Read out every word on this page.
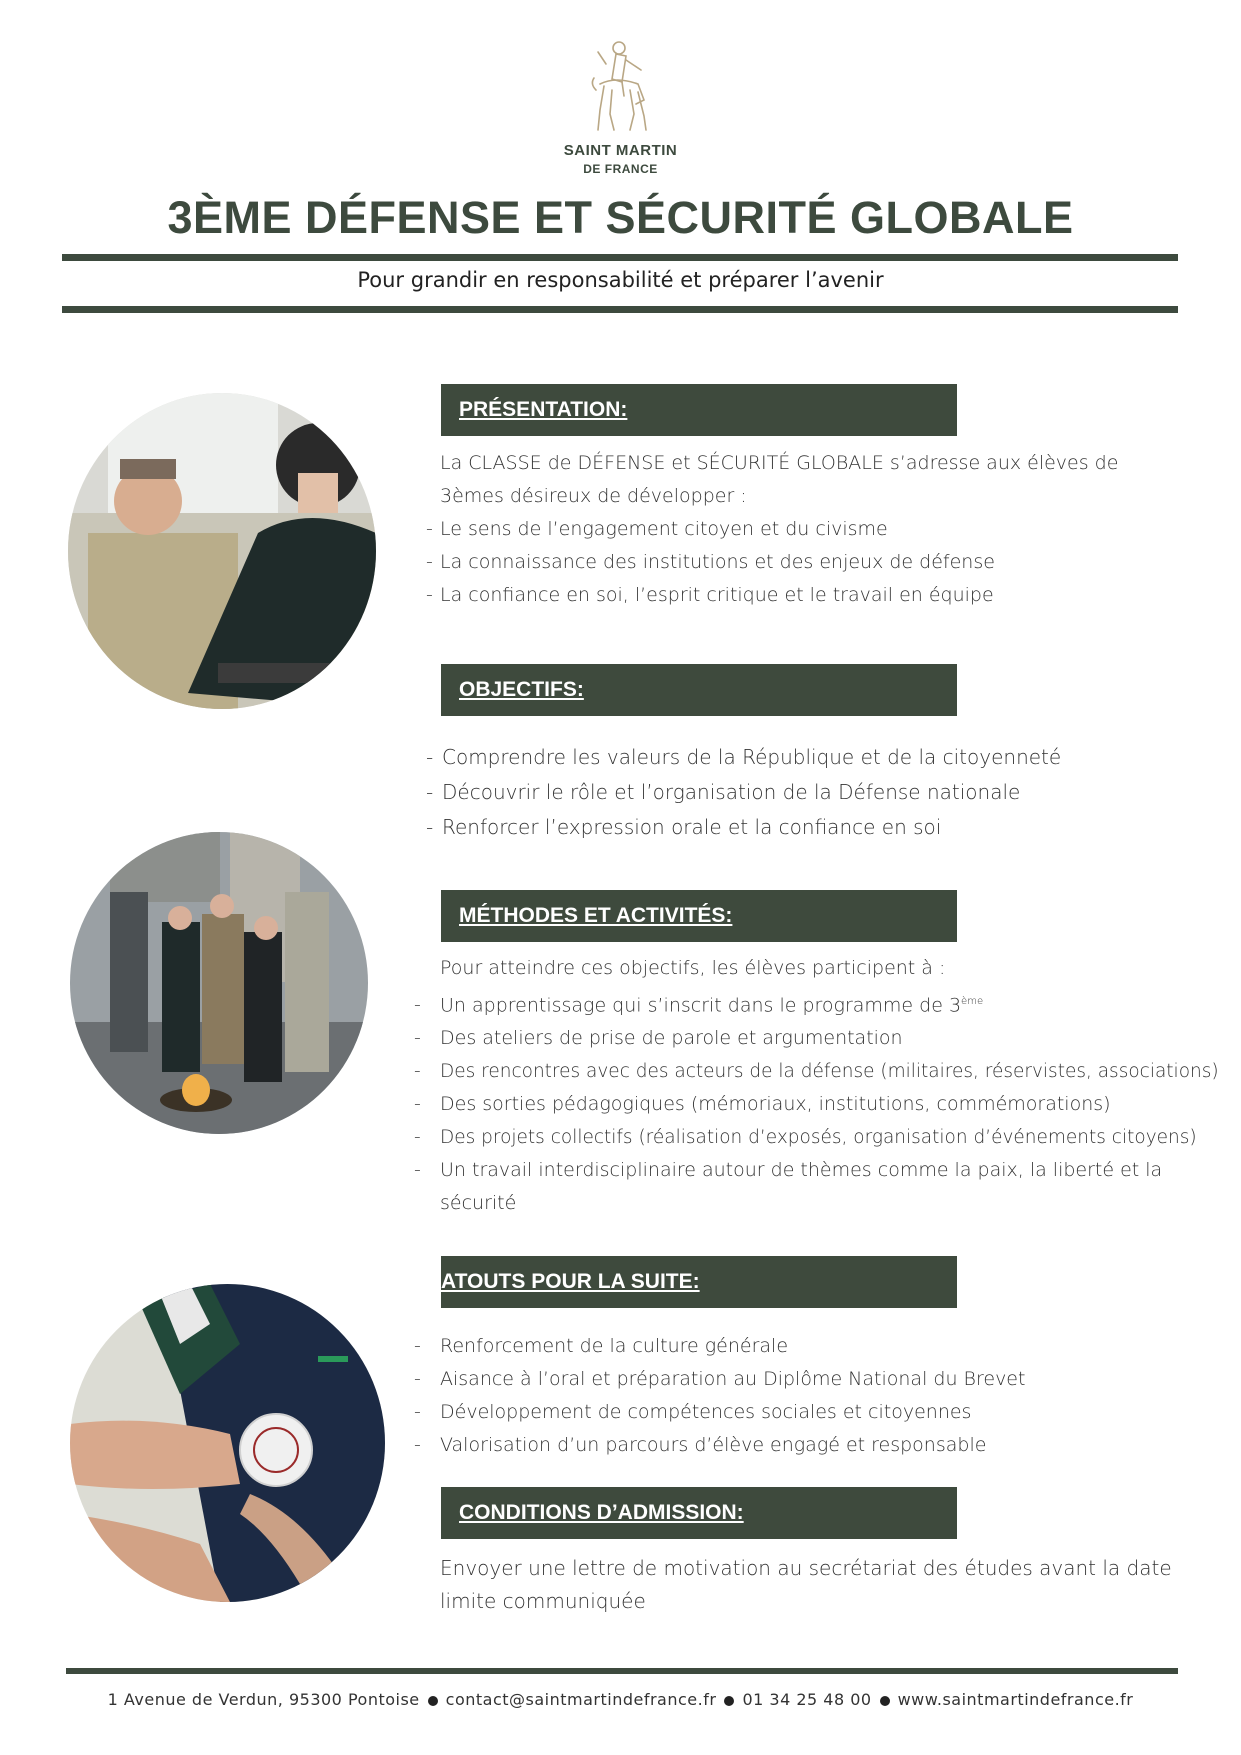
SAINT MARTIN
DE FRANCE
3ÈME DÉFENSE ET SÉCURITÉ GLOBALE
Pour grandir en responsabilité et préparer l’avenir
PRÉSENTATION:

La CLASSE de DÉFENSE et SÉCURITÉ GLOBALE s’adresse aux élèves de

3èmes désireux de développer :

- Le sens de l’engagement citoyen et du civisme

- La connaissance des institutions et des enjeux de défense

- La confiance en soi, l’esprit critique et le travail en équipe

OBJECTIFS:

- Comprendre les valeurs de la République et de la citoyenneté

- Découvrir le rôle et l’organisation de la Défense nationale

- Renforcer l’expression orale et la confiance en soi

MÉTHODES ET ACTIVITÉS:

Pour atteindre ces objectifs, les élèves participent à :

- Un apprentissage qui s’inscrit dans le programme de 3ème

- Des ateliers de prise de parole et argumentation

- Des rencontres avec des acteurs de la défense (militaires, réservistes, associations)

- Des sorties pédagogiques (mémoriaux, institutions, commémorations)

- Des projets collectifs (réalisation d’exposés, organisation d’événements citoyens)

- Un travail interdisciplinaire autour de thèmes comme la paix, la liberté et la

sécurité

ATOUTS POUR LA SUITE:

- Renforcement de la culture générale

- Aisance à l’oral et préparation au Diplôme National du Brevet

- Développement de compétences sociales et citoyennes

- Valorisation d’un parcours d’élève engagé et responsable

CONDITIONS D’ADMISSION:

Envoyer une lettre de motivation au secrétariat des études avant la date

limite communiquée

1 Avenue de Verdun, 95300 Pontoise contact@saintmartindefrance.fr 01 34 25 48 00 www.saintmartindefrance.fr
